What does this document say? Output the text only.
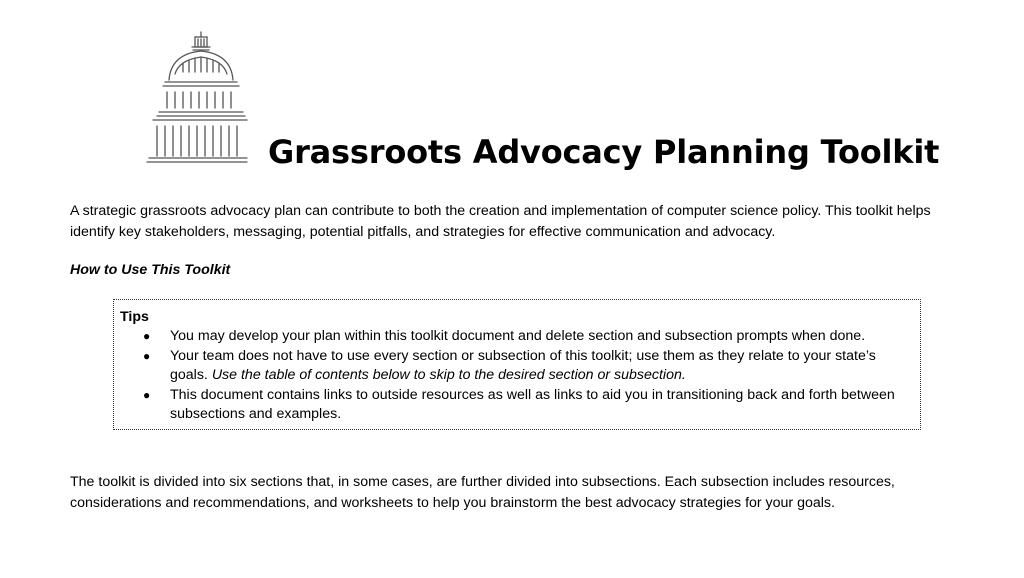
Grassroots Advocacy Planning Toolkit

A strategic grassroots advocacy plan can contribute to both the creation and implementation of computer science policy. This toolkit helps identify key stakeholders, messaging, potential pitfalls, and strategies for effective communication and advocacy.

How to Use This Toolkit

Tips

● You may develop your plan within this toolkit document and delete section and subsection prompts when done.
● Your team does not have to use every section or subsection of this toolkit; use them as they relate to your state’s goals. Use the table of contents below to skip to the desired section or subsection.
● This document contains links to outside resources as well as links to aid you in transitioning back and forth between subsections and examples.

The toolkit is divided into six sections that, in some cases, are further divided into subsections. Each subsection includes resources, considerations and recommendations, and worksheets to help you brainstorm the best advocacy strategies for your goals.
